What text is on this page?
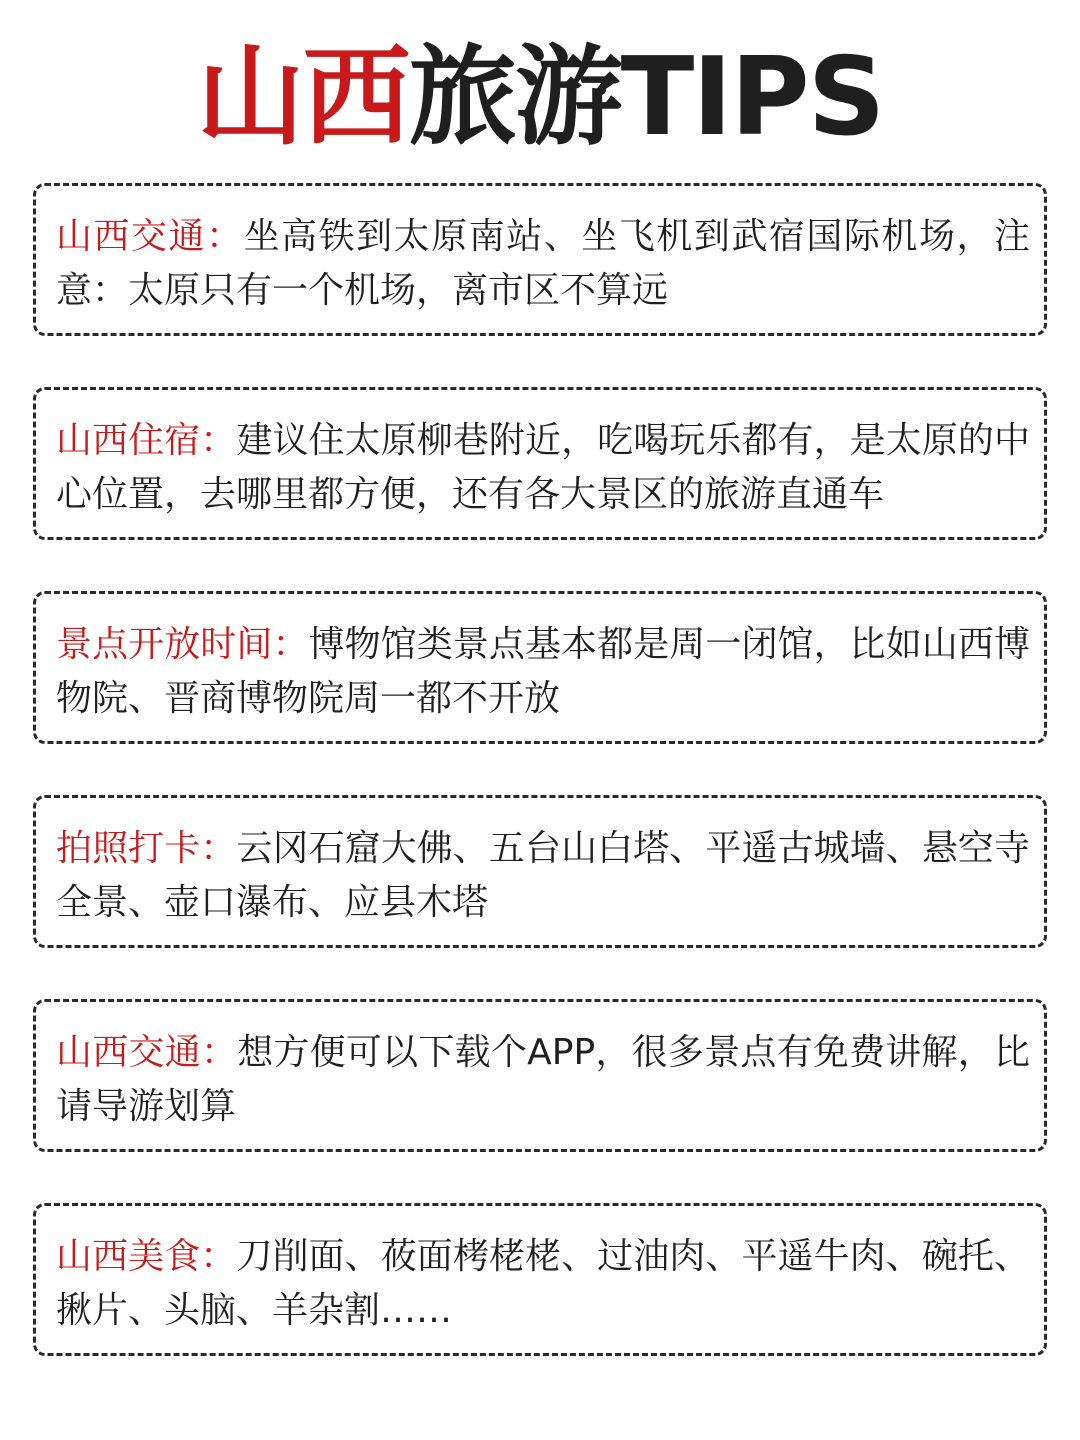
山西旅游TIPS

山西交通：坐高铁到太原南站、坐飞机到武宿国际机场，注意：太原只有一个机场，离市区不算远

山西住宿：建议住太原柳巷附近，吃喝玩乐都有，是太原的中心位置，去哪里都方便，还有各大景区的旅游直通车

景点开放时间：博物馆类景点基本都是周一闭馆，比如山西博物院、晋商博物院周一都不开放

拍照打卡：云冈石窟大佛、五台山白塔、平遥古城墙、悬空寺全景、壶口瀑布、应县木塔

山西交通：想方便可以下载个APP，很多景点有免费讲解，比请导游划算

山西美食：刀削面、莜面栲栳栳、过油肉、平遥牛肉、碗托、揪片、头脑、羊杂割……
